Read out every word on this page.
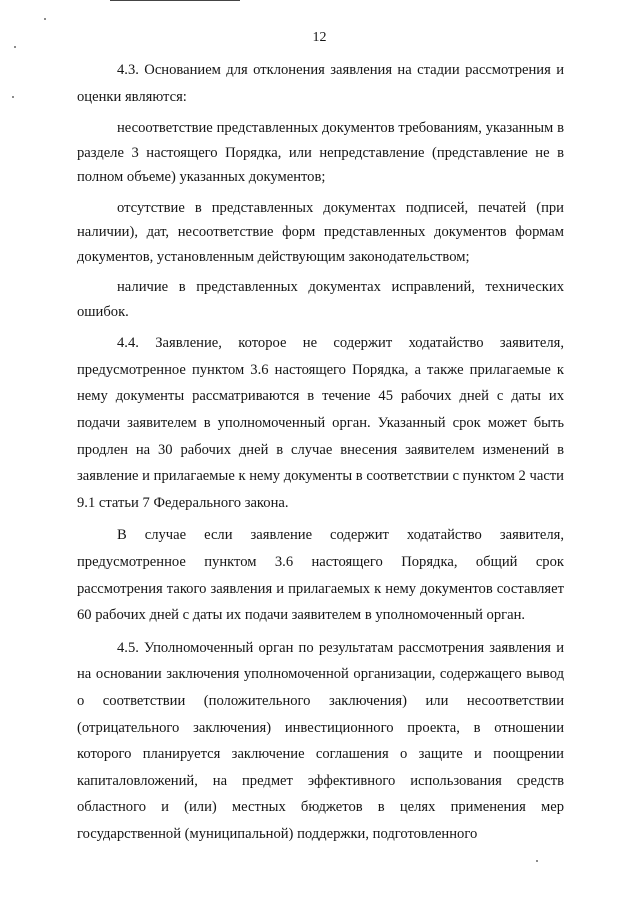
12

4.3. Основанием для отклонения заявления на стадии рассмотрения и оценки являются:

несоответствие представленных документов требованиям, указанным в разделе 3 настоящего Порядка, или непредставление (представление не в полном объеме) указанных документов;

отсутствие в представленных документах подписей, печатей (при наличии), дат, несоответствие форм представленных документов формам документов, установленным действующим законодательством;

наличие в представленных документах исправлений, технических ошибок.

4.4. Заявление, которое не содержит ходатайство заявителя, предусмотренное пунктом 3.6 настоящего Порядка, а также прилагаемые к нему документы рассматриваются в течение 45 рабочих дней с даты их подачи заявителем в уполномоченный орган. Указанный срок может быть продлен на 30 рабочих дней в случае внесения заявителем изменений в заявление и прилагаемые к нему документы в соответствии с пунктом 2 части 9.1 статьи 7 Федерального закона.

В случае если заявление содержит ходатайство заявителя, предусмотренное пунктом 3.6 настоящего Порядка, общий срок рассмотрения такого заявления и прилагаемых к нему документов составляет 60 рабочих дней с даты их подачи заявителем в уполномоченный орган.

4.5. Уполномоченный орган по результатам рассмотрения заявления и на основании заключения уполномоченной организации, содержащего вывод о соответствии (положительного заключения) или несоответствии (отрицательного заключения) инвестиционного проекта, в отношении которого планируется заключение соглашения о защите и поощрении капиталовложений, на предмет эффективного использования средств областного и (или) местных бюджетов в целях применения мер государственной (муниципальной) поддержки, подготовленного
